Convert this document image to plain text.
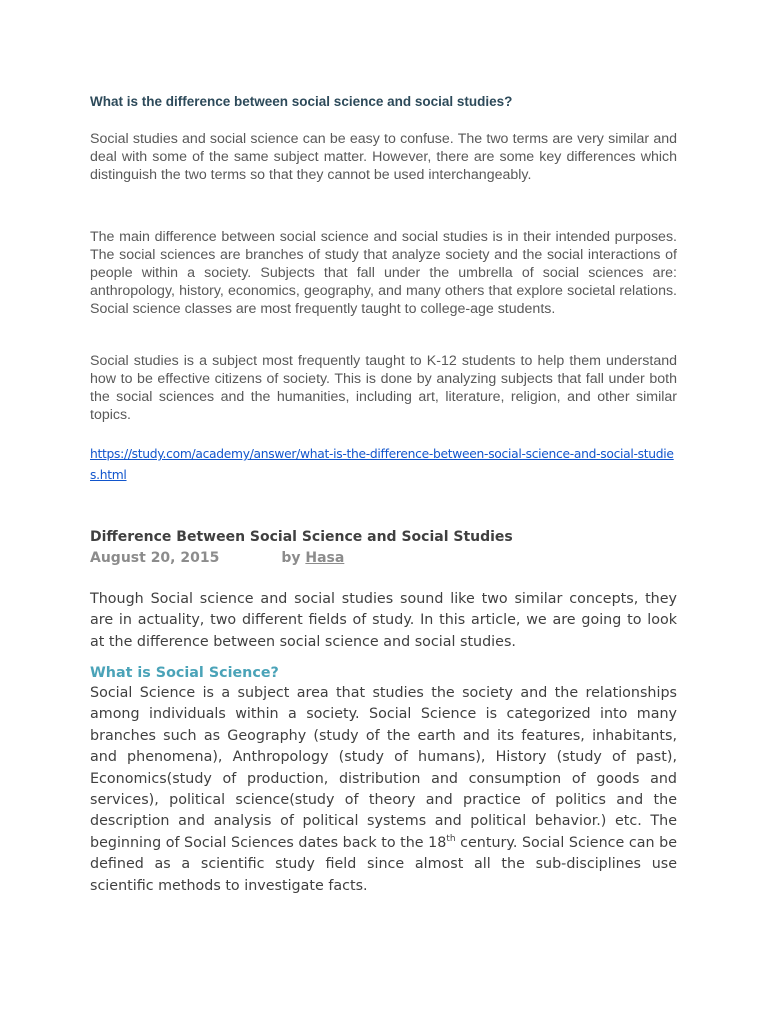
What is the difference between social science and social studies?

Social studies and social science can be easy to confuse. The two terms are very similar and deal with some of the same subject matter. However, there are some key differences which distinguish the two terms so that they cannot be used interchangeably.

The main difference between social science and social studies is in their intended purposes. The social sciences are branches of study that analyze society and the social interactions of people within a society. Subjects that fall under the umbrella of social sciences are: anthropology, history, economics, geography, and many others that explore societal relations. Social science classes are most frequently taught to college-age students.

Social studies is a subject most frequently taught to K-12 students to help them understand how to be effective citizens of society. This is done by analyzing subjects that fall under both the social sciences and the humanities, including art, literature, religion, and other similar topics.

https://study.com/academy/answer/what-is-the-difference-between-social-science-and-social-studies.html

Difference Between Social Science and Social Studies

August 20, 2015	by Hasa

Though Social science and social studies sound like two similar concepts, they are in actuality, two different fields of study. In this article, we are going to look at the difference between social science and social studies.

What is Social Science?

Social Science is a subject area that studies the society and the relationships among individuals within a society. Social Science is categorized into many branches such as Geography (study of the earth and its features, inhabitants, and phenomena), Anthropology (study of humans), History (study of past), Economics(study of production, distribution and consumption of goods and services), political science(study of theory and practice of politics and the description and analysis of political systems and political behavior.) etc. The beginning of Social Sciences dates back to the 18th century. Social Science can be defined as a scientific study field since almost all the sub-disciplines use scientific methods to investigate facts.
